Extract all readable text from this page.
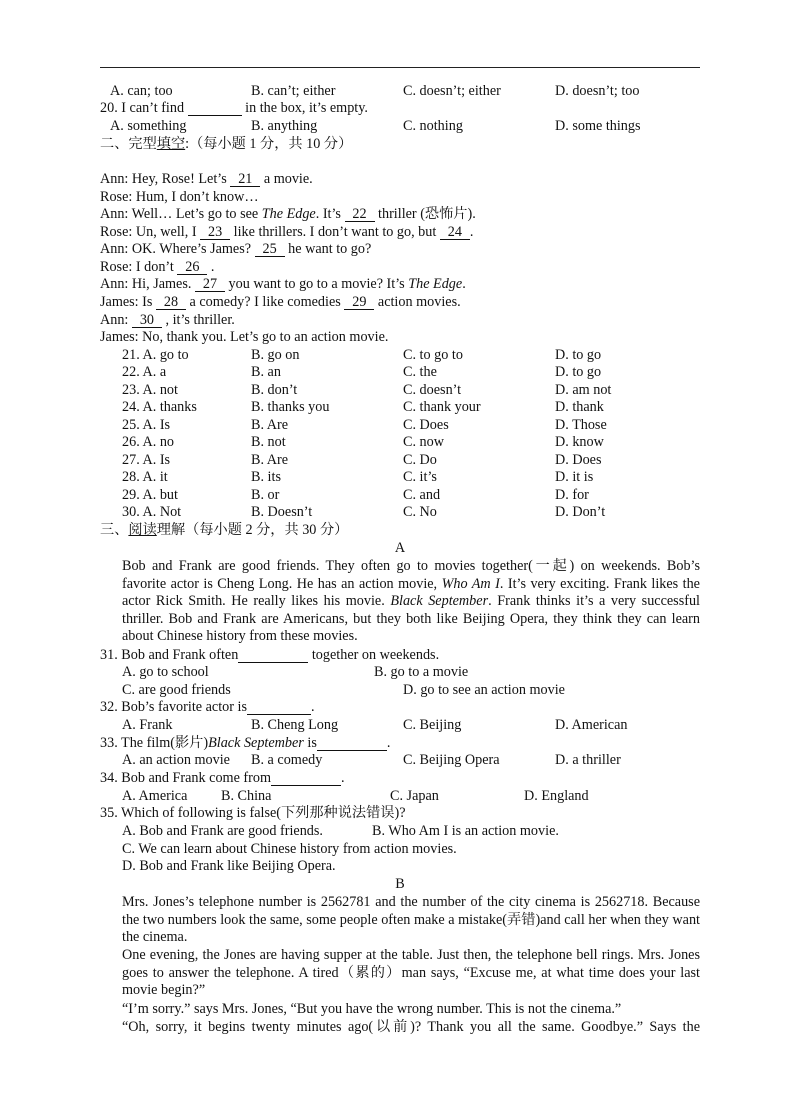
A. can; too	B. can’t; either	C. doesn’t; either	D. doesn’t; too
20. I can’t find	in the box, it’s empty.
A. something	B. anything	C. nothing	D. some things
二、完型填空:（每小题 1 分，共 10 分）
Ann: Hey, Rose! Let’s 21 a movie.
Rose: Hum, I don’t know…
Ann: Well… Let’s go to see The Edge. It’s 22 thriller (恐怖片).
Rose: Un, well, I 23 like thrillers. I don’t want to go, but 24 .
Ann: OK. Where’s James? 25 he want to go?
Rose: I don’t 26 .
Ann: Hi, James. 27 you want to go to a movie? It’s The Edge.
James: Is 28 a comedy? I like comedies 29 action movies.
Ann: 30 , it’s thriller.
James: No, thank you. Let’s go to an action movie.
21. A. go to	B. go on	C. to go to	D. to go
22. A. a	B. an	C. the	D. to go
23. A. not	B. don’t	C. doesn’t	D. am not
24. A. thanks	B. thanks you	C. thank your	D. thank
25. A. Is	B. Are	C. Does	D. Those
26. A. no	B. not	C. now	D. know
27. A. Is	B. Are	C. Do	D. Does
28. A. it	B. its	C. it’s	D. it is
29. A. but	B. or	C. and	D. for
30. A. Not	B. Doesn’t	C. No	D. Don’t
三、阅读理解（每小题 2 分，共 30 分）
A
Bob and Frank are good friends. They often go to movies together(一起) on weekends. Bob’s favorite actor is Cheng Long. He has an action movie, Who Am I. It’s very exciting. Frank likes the actor Rick Smith. He really likes his movie. Black September. Frank thinks it’s a very successful thriller. Bob and Frank are Americans, but they both like Beijing Opera, they think they can learn about Chinese history from these movies.
31. Bob and Frank often	together on weekends.
A. go to school	B. go to a movie
C. are good friends	D. go to see an action movie
32. Bob’s favorite actor is	.
A. Frank	B. Cheng Long	C. Beijing	D. American
33. The film(影片)Black September is	.
A. an action movie B. a comedy	C. Beijing Opera	D. a thriller
34. Bob and Frank come from	.
A. America B. China	C. Japan	D. England
35. Which of following is false(下列那种说法错误)?
A. Bob and Frank are good friends.	B. Who Am I is an action movie.
C. We can learn about Chinese history from action movies.
D. Bob and Frank like Beijing Opera.
B
Mrs. Jones’s telephone number is 2562781 and the number of the city cinema is 2562718. Because the two numbers look the same, some people often make a mistake(弄错)and call her when they want the cinema.
One evening, the Jones are having supper at the table. Just then, the telephone bell rings. Mrs. Jones goes to answer the telephone. A tired（累的）man says, “Excuse me, at what time does your last movie begin?”
“I’m sorry.” says Mrs. Jones, “But you have the wrong number. This is not the cinema.”
“Oh, sorry, it begins twenty minutes ago(以前)? Thank you all the same. Goodbye.” Says the
